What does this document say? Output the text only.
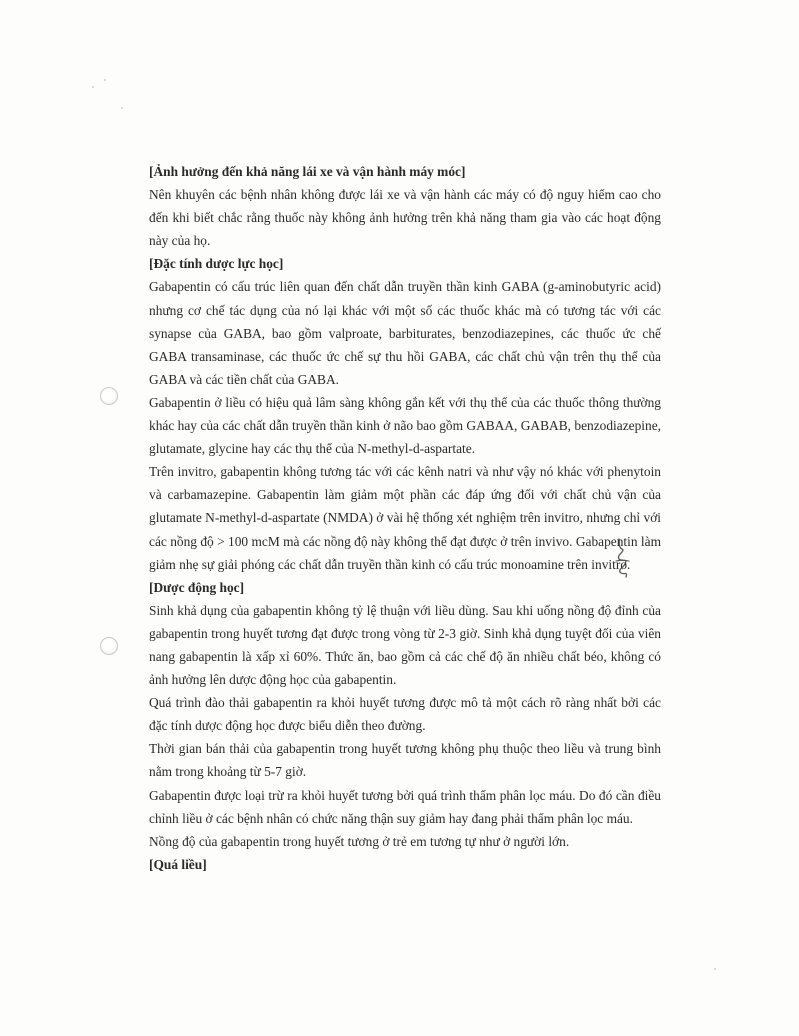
[Ảnh hưởng đến khả năng lái xe và vận hành máy móc]

Nên khuyên các bệnh nhân không được lái xe và vận hành các máy có độ nguy hiểm cao cho đến khi biết chắc rằng thuốc này không ảnh hưởng trên khả năng tham gia vào các hoạt động này của họ.

[Đặc tính dược lực học]

Gabapentin có cấu trúc liên quan đến chất dẫn truyền thần kinh GABA (g-aminobutyric acid) nhưng cơ chế tác dụng của nó lại khác với một số các thuốc khác mà có tương tác với các synapse của GABA, bao gồm valproate, barbiturates, benzodiazepines, các thuốc ức chế GABA transaminase, các thuốc ức chế sự thu hồi GABA, các chất chủ vận trên thụ thể của GABA và các tiền chất của GABA.

Gabapentin ở liều có hiệu quả lâm sàng không gắn kết với thụ thể của các thuốc thông thường khác hay của các chất dẫn truyền thần kinh ở não bao gồm GABAA, GABAB, benzodiazepine, glutamate, glycine hay các thụ thể của N-methyl-d-aspartate.

Trên invitro, gabapentin không tương tác với các kênh natri và như vậy nó khác với phenytoin và carbamazepine. Gabapentin làm giảm một phần các đáp ứng đối với chất chủ vận của glutamate N-methyl-d-aspartate (NMDA) ở vài hệ thống xét nghiệm trên invitro, nhưng chỉ với các nồng độ > 100 mcM mà các nồng độ này không thể đạt được ở trên invivo. Gabapentin làm giảm nhẹ sự giải phóng các chất dẫn truyền thần kinh có cấu trúc monoamine trên invitro.

[Dược động học]

Sinh khả dụng của gabapentin không tỷ lệ thuận với liều dùng. Sau khi uống nồng độ đỉnh của gabapentin trong huyết tương đạt được trong vòng từ 2-3 giờ. Sinh khả dụng tuyệt đối của viên nang gabapentin là xấp xỉ 60%. Thức ăn, bao gồm cả các chế độ ăn nhiều chất béo, không có ảnh hưởng lên dược động học của gabapentin.

Quá trình đào thải gabapentin ra khỏi huyết tương được mô tả một cách rõ ràng nhất bởi các đặc tính dược động học được biểu diễn theo đường.

Thời gian bán thải của gabapentin trong huyết tương không phụ thuộc theo liều và trung bình nằm trong khoảng từ 5-7 giờ.

Gabapentin được loại trừ ra khỏi huyết tương bởi quá trình thẩm phân lọc máu. Do đó cần điều chỉnh liều ở các bệnh nhân có chức năng thận suy giảm hay đang phải thẩm phân lọc máu.

Nồng độ của gabapentin trong huyết tương ở trẻ em tương tự như ở người lớn.

[Quá liều]
